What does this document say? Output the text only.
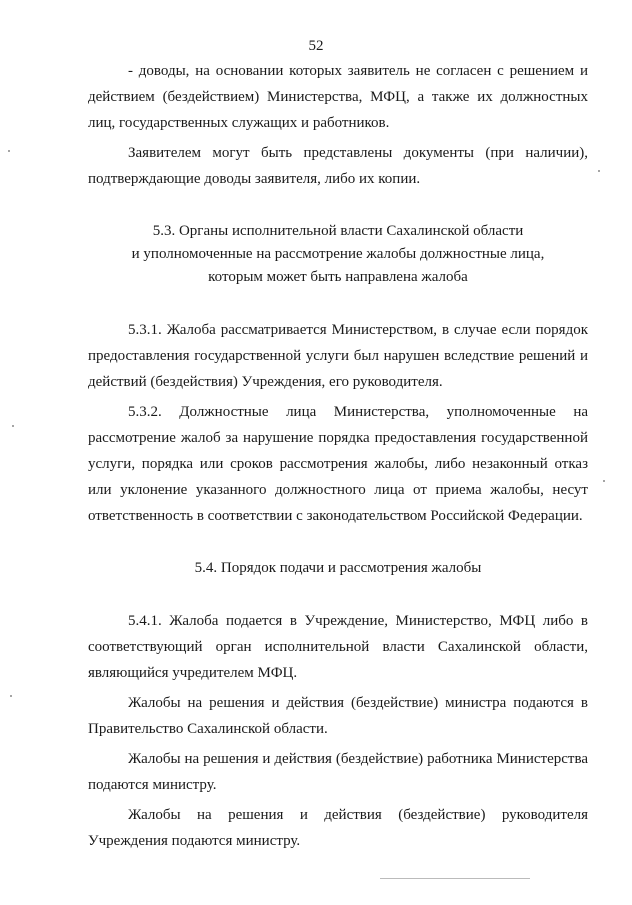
52

- доводы, на основании которых заявитель не согласен с решением и действием (бездействием) Министерства, МФЦ, а также их должностных лиц, государственных служащих и работников.

Заявителем могут быть представлены документы (при наличии), подтверждающие доводы заявителя, либо их копии.

5.3. Органы исполнительной власти Сахалинской области

и уполномоченные на рассмотрение жалобы должностные лица,

которым может быть направлена жалоба

5.3.1. Жалоба рассматривается Министерством, в случае если порядок предоставления государственной услуги был нарушен вследствие решений и действий (бездействия) Учреждения, его руководителя.

5.3.2. Должностные лица Министерства, уполномоченные на рассмотрение жалоб за нарушение порядка предоставления государственной услуги, порядка или сроков рассмотрения жалобы, либо незаконный отказ или уклонение указанного должностного лица от приема жалобы, несут ответственность в соответствии с законодательством Российской Федерации.

5.4. Порядок подачи и рассмотрения жалобы

5.4.1. Жалоба подается в Учреждение, Министерство, МФЦ либо в соответствующий орган исполнительной власти Сахалинской области, являющийся учредителем МФЦ.

Жалобы на решения и действия (бездействие) министра подаются в Правительство Сахалинской области.

Жалобы на решения и действия (бездействие) работника Министерства подаются министру.

Жалобы на решения и действия (бездействие) руководителя Учреждения подаются министру.
